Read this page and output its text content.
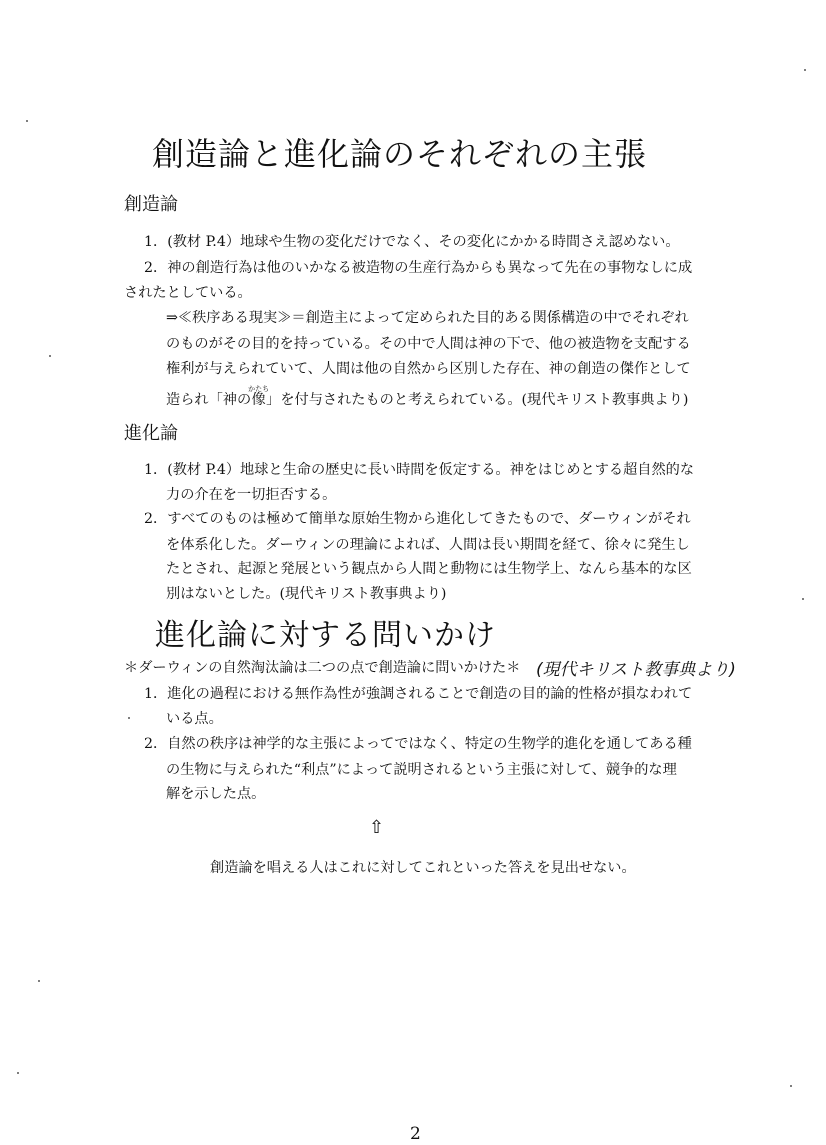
創造論と進化論のそれぞれの主張
創造論
1．(教材 P.4）地球や生物の変化だけでなく、その変化にかかる時間さえ認めない。
2．神の創造行為は他のいかなる被造物の生産行為からも異なって先在の事物なしに成
されたとしている。
⇒≪秩序ある現実≫＝創造主によって定められた目的ある関係構造の中でそれぞれ
のものがその目的を持っている。その中で人間は神の下で、他の被造物を支配する
権利が与えられていて、人間は他の自然から区別した存在、神の創造の傑作として
造られ「神の像かたち」を付与されたものと考えられている。(現代キリスト教事典より)
進化論
1．(教材 P.4）地球と生命の歴史に長い時間を仮定する。神をはじめとする超自然的な
力の介在を一切拒否する。
2．すべてのものは極めて簡単な原始生物から進化してきたもので、ダーウィンがそれ
を体系化した。ダーウィンの理論によれば、人間は長い期間を経て、徐々に発生し
たとされ、起源と発展という観点から人間と動物には生物学上、なんら基本的な区
別はないとした。(現代キリスト教事典より)
進化論に対する問いかけ
＊ダーウィンの自然淘汰論は二つの点で創造論に問いかけた＊ (現代キリスト教事典より)
1．進化の過程における無作為性が強調されることで創造の目的論的性格が損なわれて
いる点。
2．自然の秩序は神学的な主張によってではなく、特定の生物学的進化を通してある種
の生物に与えられた“利点”によって説明されるという主張に対して、競争的な理
解を示した点。
⇧
創造論を唱える人はこれに対してこれといった答えを見出せない。
2
